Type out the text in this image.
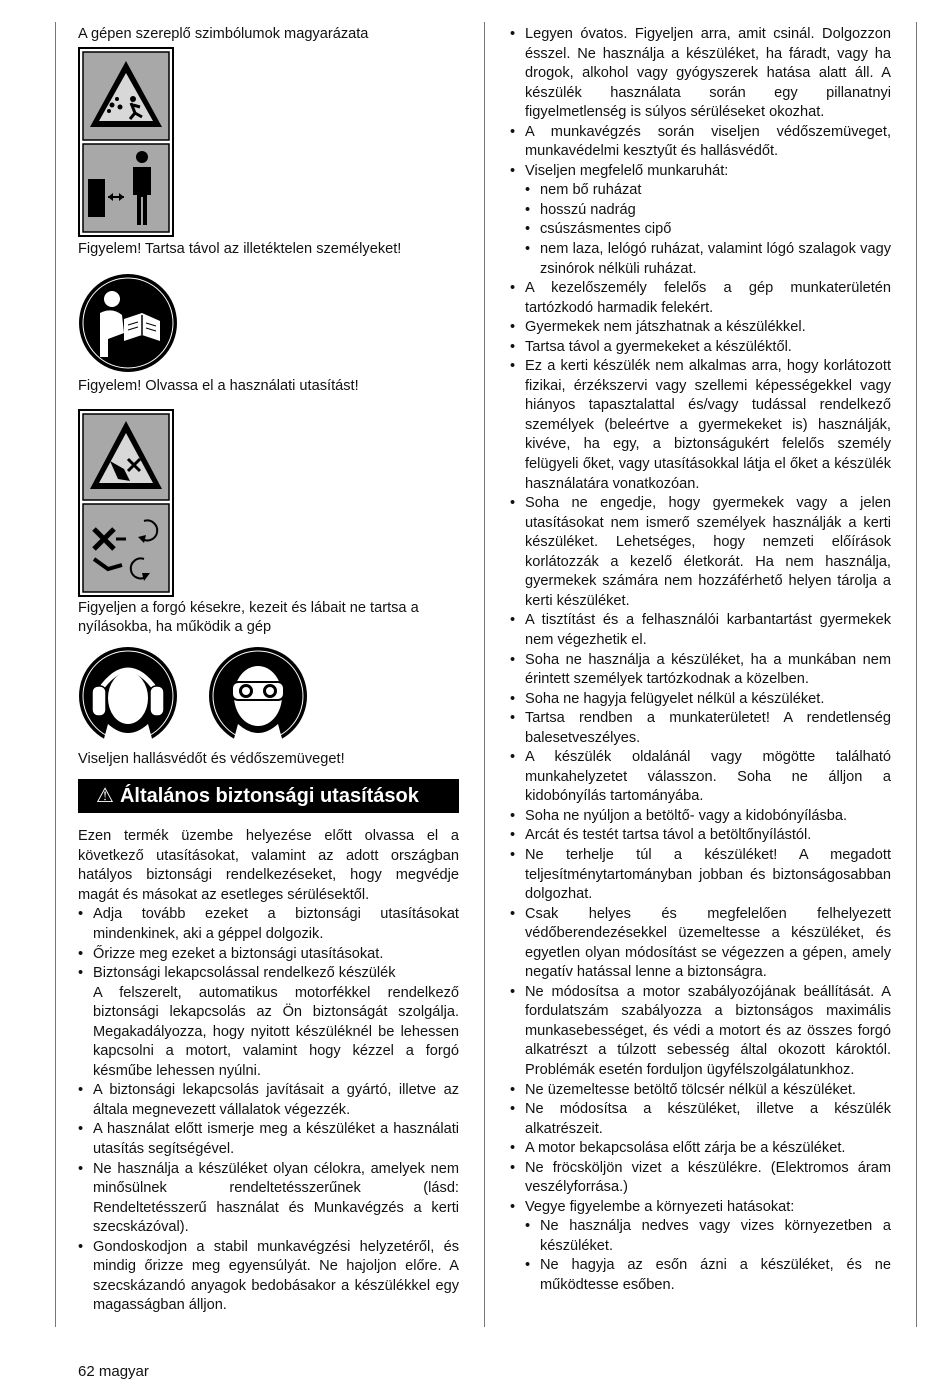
A gépen szereplő szimbólumok magyarázata

Figyelem! Tartsa távol az illetéktelen személyeket!

Figyelem! Olvassa el a használati utasítást!

Figyeljen a forgó késekre, kezeit és lábait ne tartsa a nyílásokba, ha működik a gép

Viseljen hallásvédőt és védőszemüveget!

⚠ Általános biztonsági utasítások

Ezen termék üzembe helyezése előtt olvassa el a következő utasításokat, valamint az adott országban hatályos biztonsági rendelkezéseket, hogy megvédje magát és másokat az esetleges sérülésektől.

• Adja tovább ezeket a biztonsági utasításokat mindenkinek, aki a géppel dolgozik.
• Őrizze meg ezeket a biztonsági utasításokat.
• Biztonsági lekapcsolással rendelkező készülék
A felszerelt, automatikus motorfékkel rendelkező biztonsági lekapcsolás az Ön biztonságát szolgálja. Megakadályozza, hogy nyitott készüléknél be lehessen kapcsolni a motort, valamint hogy kézzel a forgó késműbe lehessen nyúlni.
• A biztonsági lekapcsolás javításait a gyártó, illetve az általa megnevezett vállalatok végezzék.
• A használat előtt ismerje meg a készüléket a használati utasítás segítségével.
• Ne használja a készüléket olyan célokra, amelyek nem minősülnek rendeltetésszerűnek (lásd: Rendeltetésszerű használat és Munkavégzés a kerti szecskázóval).
• Gondoskodjon a stabil munkavégzési helyzetéről, és mindig őrizze meg egyensúlyát. Ne hajoljon előre. A szecskázandó anyagok bedobásakor a készülékkel egy magasságban álljon.
• Legyen óvatos. Figyeljen arra, amit csinál. Dolgozzon ésszel. Ne használja a készüléket, ha fáradt, vagy ha drogok, alkohol vagy gyógyszerek hatása alatt áll. A készülék használata során egy pillanatnyi figyelmetlenség is súlyos sérüléseket okozhat.
• A munkavégzés során viseljen védőszemüveget, munkavédelmi kesztyűt és hallásvédőt.
• Viseljen megfelelő munkaruhát:
• nem bő ruházat
• hosszú nadrág
• csúszásmentes cipő
• nem laza, lelógó ruházat, valamint lógó szalagok vagy zsinórok nélküli ruházat.
• A kezelőszemély felelős a gép munkaterületén tartózkodó harmadik felekért.
• Gyermekek nem játszhatnak a készülékkel.
• Tartsa távol a gyermekeket a készüléktől.
• Ez a kerti készülék nem alkalmas arra, hogy korlátozott fizikai, érzékszervi vagy szellemi képességekkel vagy hiányos tapasztalattal és/vagy tudással rendelkező személyek (beleértve a gyermekeket is) használják, kivéve, ha egy, a biztonságukért felelős személy felügyeli őket, vagy utasításokkal látja el őket a készülék használatára vonatkozóan.
• Soha ne engedje, hogy gyermekek vagy a jelen utasításokat nem ismerő személyek használják a kerti készüléket. Lehetséges, hogy nemzeti előírások korlátozzák a kezelő életkorát. Ha nem használja, gyermekek számára nem hozzáférhető helyen tárolja a kerti készüléket.
• A tisztítást és a felhasználói karbantartást gyermekek nem végezhetik el.
• Soha ne használja a készüléket, ha a munkában nem érintett személyek tartózkodnak a közelben.
• Soha ne hagyja felügyelet nélkül a készüléket.
• Tartsa rendben a munkaterületet! A rendetlenség balesetveszélyes.
• A készülék oldalánál vagy mögötte található munkahelyzetet válasszon. Soha ne álljon a kidobónyílás tartományába.
• Soha ne nyúljon a betöltő- vagy a kidobónyílásba.
• Arcát és testét tartsa távol a betöltőnyílástól.
• Ne terhelje túl a készüléket! A megadott teljesítménytartományban jobban és biztonságosabban dolgozhat.
• Csak helyes és megfelelően felhelyezett védőberendezésekkel üzemeltesse a készüléket, és egyetlen olyan módosítást se végezzen a gépen, amely negatív hatással lenne a biztonságra.
• Ne módosítsa a motor szabályozójának beállítását. A fordulatszám szabályozza a biztonságos maximális munkasebességet, és védi a motort és az összes forgó alkatrészt a túlzott sebesség által okozott károktól. Problémák esetén forduljon ügyfélszolgálatunkhoz.
• Ne üzemeltesse betöltő tölcsér nélkül a készüléket.
• Ne módosítsa a készüléket, illetve a készülék alkatrészeit.
• A motor bekapcsolása előtt zárja be a készüléket.
• Ne fröcsköljön vizet a készülékre. (Elektromos áram veszélyforrása.)
• Vegye figyelembe a környezeti hatásokat:
• Ne használja nedves vagy vizes környezetben a készüléket.
• Ne hagyja az esőn ázni a készüléket, és ne működtesse esőben.
62 magyar
